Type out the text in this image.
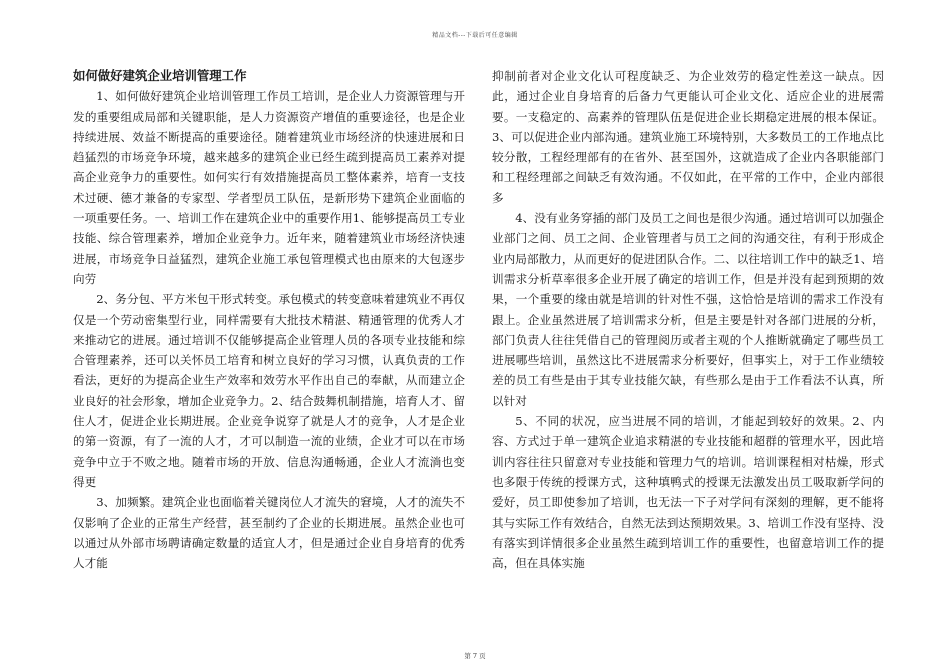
精品文档---下载后可任意编辑

如何做好建筑企业培训管理工作

1、如何做好建筑企业培训管理工作员工培训，是企业人力资源管理与开发的重要组成局部和关键职能，是人力资源资产增值的重要途径，也是企业持续进展、效益不断提高的重要途径。随着建筑业市场经济的快速进展和日趋猛烈的市场竞争环境，越来越多的建筑企业已经生疏到提高员工素养对提高企业竞争力的重要性。如何实行有效措施提高员工整体素养，培育一支技术过硬、德才兼备的专家型、学者型员工队伍，是新形势下建筑企业面临的一项重要任务。一、培训工作在建筑企业中的重要作用1、能够提高员工专业技能、综合管理素养，增加企业竞争力。近年来，随着建筑业市场经济快速进展，市场竞争日益猛烈，建筑企业施工承包管理模式也由原来的大包逐步向劳

2、务分包、平方米包干形式转变。承包模式的转变意味着建筑业不再仅仅是一个劳动密集型行业，同样需要有大批技术精湛、精通管理的优秀人才来推动它的进展。通过培训不仅能够提高企业管理人员的各项专业技能和综合管理素养，还可以关怀员工培育和树立良好的学习习惯，认真负责的工作看法，更好的为提高企业生产效率和效劳水平作出自己的奉献，从而建立企业良好的社会形象，增加企业竞争力。2、结合鼓舞机制措施，培育人才、留住人才，促进企业长期进展。企业竞争说穿了就是人才的竞争，人才是企业的第一资源，有了一流的人才，才可以制造一流的业绩，企业才可以在市场竞争中立于不败之地。随着市场的开放、信息沟通畅通，企业人才流淌也变得更

3、加频繁。建筑企业也面临着关键岗位人才流失的窘境，人才的流失不仅影响了企业的正常生产经营，甚至制约了企业的长期进展。虽然企业也可以通过从外部市场聘请确定数量的适宜人才，但是通过企业自身培育的优秀人才能

抑制前者对企业文化认可程度缺乏、为企业效劳的稳定性差这一缺点。因此，通过企业自身培育的后备力气更能认可企业文化、适应企业的进展需要。一支稳定的、高素养的管理队伍是促进企业长期稳定进展的根本保证。3、可以促进企业内部沟通。建筑业施工环境特别，大多数员工的工作地点比较分散，工程经理部有的在省外、甚至国外，这就造成了企业内各职能部门和工程经理部之间缺乏有效沟通。不仅如此，在平常的工作中，企业内部很多

4、没有业务穿插的部门及员工之间也是很少沟通。通过培训可以加强企业部门之间、员工之间、企业管理者与员工之间的沟通交往，有利于形成企业内局部散力，从而更好的促进团队合作。二、以往培训工作中的缺乏1、培训需求分析草率很多企业开展了确定的培训工作，但是并没有起到预期的效果，一个重要的缘由就是培训的针对性不强，这恰恰是培训的需求工作没有跟上。企业虽然进展了培训需求分析，但是主要是针对各部门进展的分析，部门负责人往往凭借自己的管理阅历或者主观的个人推断就确定了哪些员工进展哪些培训，虽然这比不进展需求分析要好，但事实上，对于工作业绩较差的员工有些是由于其专业技能欠缺，有些那么是由于工作看法不认真，所以针对

5、不同的状况，应当进展不同的培训，才能起到较好的效果。2、内容、方式过于单一建筑企业追求精湛的专业技能和超群的管理水平，因此培训内容往往只留意对专业技能和管理力气的培训。培训课程相对枯燥，形式也多限于传统的授课方式，这种填鸭式的授课无法激发出员工吸取新学问的爱好，员工即使参加了培训，也无法一下子对学问有深刻的理解，更不能将其与实际工作有效结合，自然无法到达预期效果。3、培训工作没有坚持、没有落实到详情很多企业虽然生疏到培训工作的重要性，也留意培训工作的提高，但在具体实施

第 7 页
